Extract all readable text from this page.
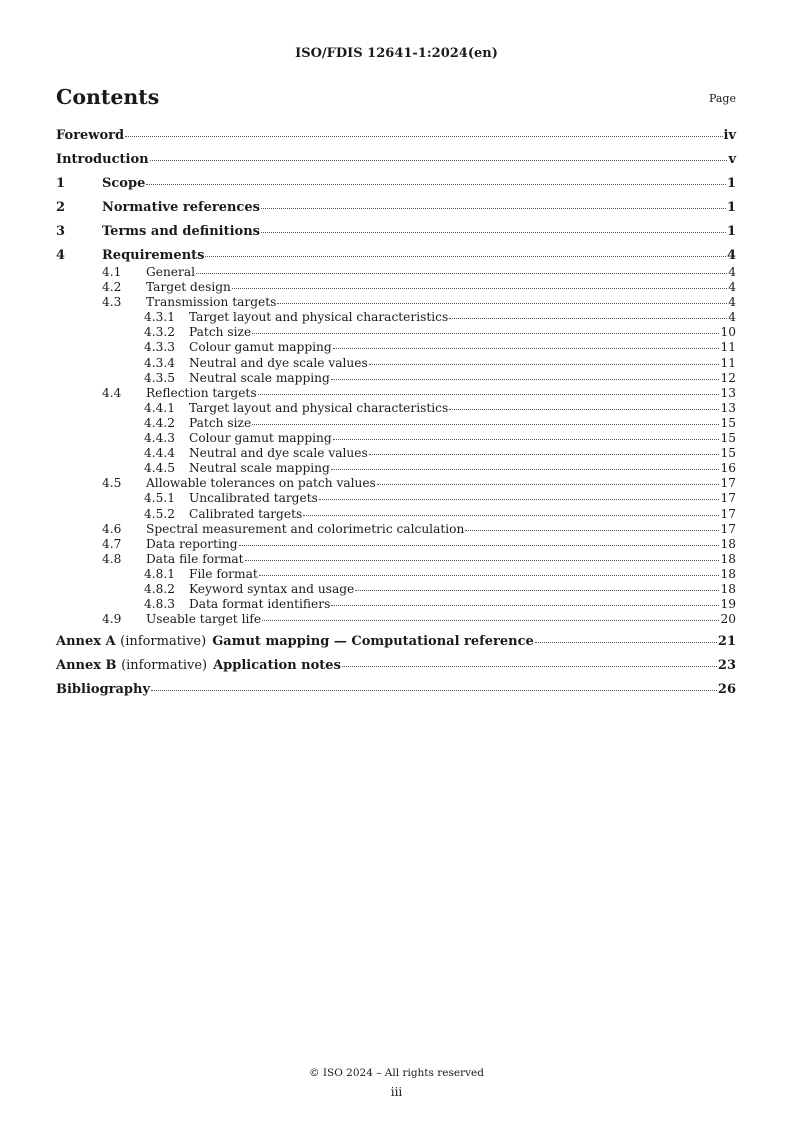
ISO/FDIS 12641-1:2024(en)
Contents	Page
Foreword	iv
Introduction	v
1	Scope	1
2	Normative references	1
3	Terms and definitions	1
4	Requirements	4
4.1	General	4
4.2	Target design	4
4.3	Transmission targets	4
4.3.1	Target layout and physical characteristics	4
4.3.2	Patch size	10
4.3.3	Colour gamut mapping	11
4.3.4	Neutral and dye scale values	11
4.3.5	Neutral scale mapping	12
4.4	Reflection targets	13
4.4.1	Target layout and physical characteristics	13
4.4.2	Patch size	15
4.4.3	Colour gamut mapping	15
4.4.4	Neutral and dye scale values	15
4.4.5	Neutral scale mapping	16
4.5	Allowable tolerances on patch values	17
4.5.1	Uncalibrated targets	17
4.5.2	Calibrated targets	17
4.6	Spectral measurement and colorimetric calculation	17
4.7	Data reporting	18
4.8	Data file format	18
4.8.1	File format	18
4.8.2	Keyword syntax and usage	18
4.8.3	Data format identifiers	19
4.9	Useable target life	20
Annex A (informative) Gamut mapping — Computational reference	21
Annex B (informative) Application notes	23
Bibliography	26
© ISO 2024 – All rights reserved
iii
